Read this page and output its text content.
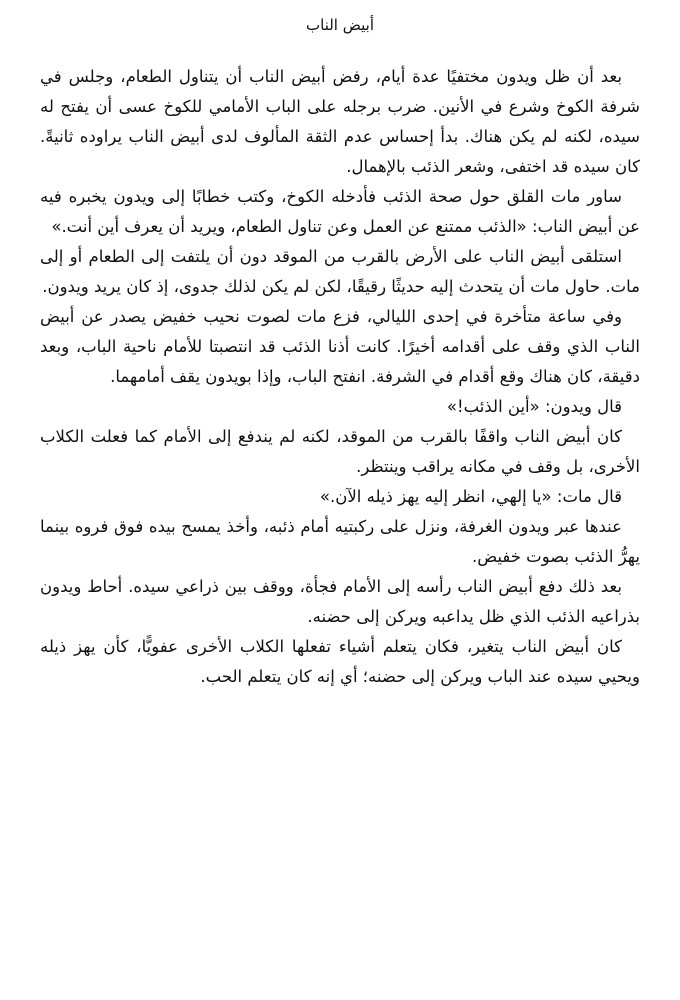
أبيض الناب

بعد أن ظل ويدون مختفيًا عدة أيام، رفض أبيض الناب أن يتناول الطعام، وجلس في شرفة الكوخ وشرع في الأنين. ضرب برجله على الباب الأمامي للكوخ عسى أن يفتح له سيده، لكنه لم يكن هناك. بدأ إحساس عدم الثقة المألوف لدى أبيض الناب يراوده ثانيةً. كان سيده قد اختفى، وشعر الذئب بالإهمال.

ساور مات القلق حول صحة الذئب فأدخله الكوخ، وكتب خطابًا إلى ويدون يخبره فيه عن أبيض الناب: «الذئب ممتنع عن العمل وعن تناول الطعام، ويريد أن يعرف أين أنت.»

استلقى أبيض الناب على الأرض بالقرب من الموقد دون أن يلتفت إلى الطعام أو إلى مات. حاول مات أن يتحدث إليه حديثًا رقيقًا، لكن لم يكن لذلك جدوى، إذ كان يريد ويدون.

وفي ساعة متأخرة في إحدى الليالي، فزع مات لصوت نحيب خفيض يصدر عن أبيض الناب الذي وقف على أقدامه أخيرًا. كانت أذنا الذئب قد انتصبتا للأمام ناحية الباب، وبعد دقيقة، كان هناك وقع أقدام في الشرفة. انفتح الباب، وإذا بويدون يقف أمامهما.

قال ويدون: «أين الذئب!»

كان أبيض الناب واقفًا بالقرب من الموقد، لكنه لم يندفع إلى الأمام كما فعلت الكلاب الأخرى، بل وقف في مكانه يراقب وينتظر.

قال مات: «يا إلهي، انظر إليه يهز ذيله الآن.»

عندها عبر ويدون الغرفة، ونزل على ركبتيه أمام ذئبه، وأخذ يمسح بيده فوق فروه بينما يهرُّ الذئب بصوت خفيض.

بعد ذلك دفع أبيض الناب رأسه إلى الأمام فجأة، ووقف بين ذراعي سيده. أحاط ويدون بذراعيه الذئب الذي ظل يداعبه ويركن إلى حضنه.

كان أبيض الناب يتغير، فكان يتعلم أشياء تفعلها الكلاب الأخرى عفويًّا، كأن يهز ذيله ويحيي سيده عند الباب ويركن إلى حضنه؛ أي إنه كان يتعلم الحب.
